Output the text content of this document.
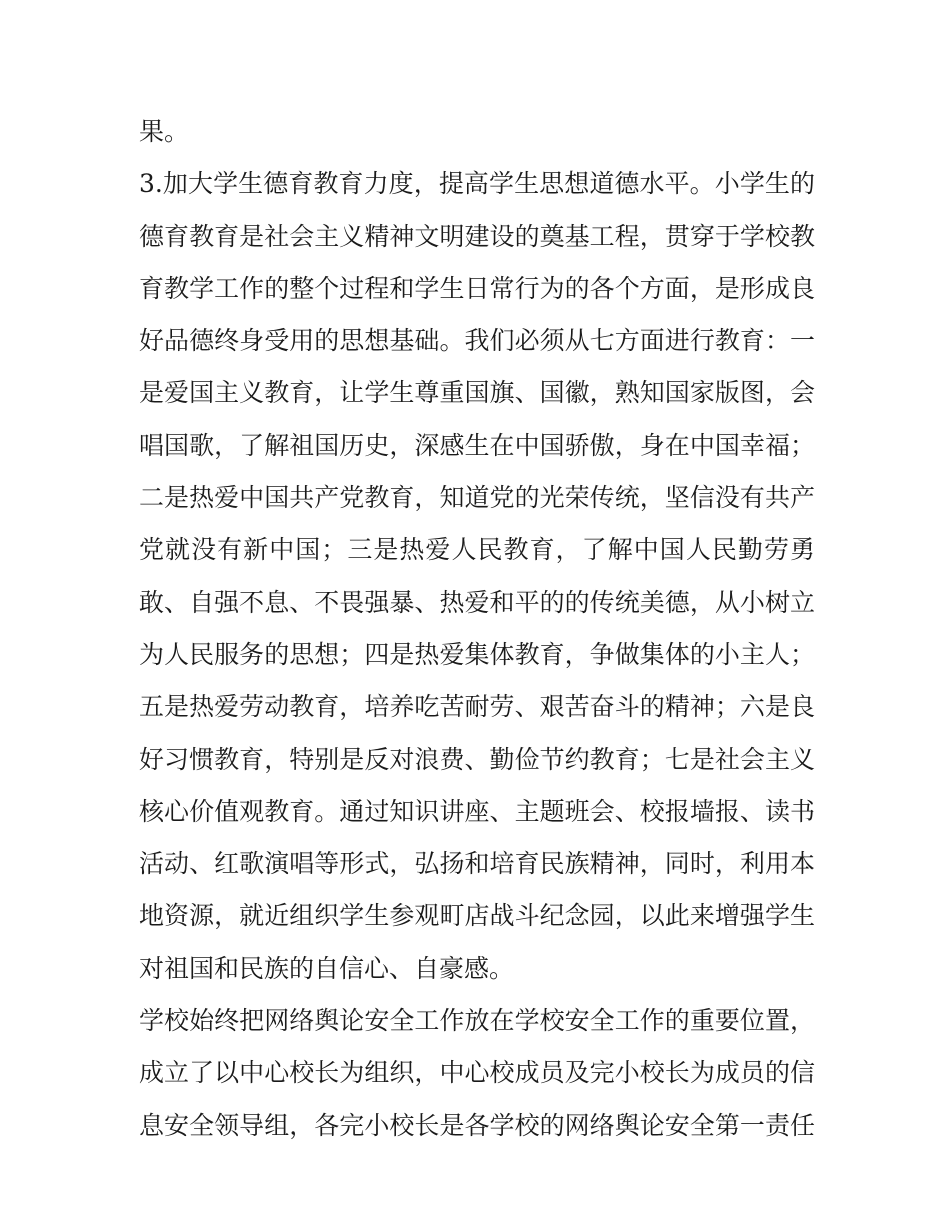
果。
3.加大学生德育教育力度，提高学生思想道德水平。小学生的
德育教育是社会主义精神文明建设的奠基工程，贯穿于学校教
育教学工作的整个过程和学生日常行为的各个方面，是形成良
好品德终身受用的思想基础。我们必须从七方面进行教育：一
是爱国主义教育，让学生尊重国旗、国徽，熟知国家版图，会
唱国歌，了解祖国历史，深感生在中国骄傲，身在中国幸福；
二是热爱中国共产党教育，知道党的光荣传统，坚信没有共产
党就没有新中国；三是热爱人民教育，了解中国人民勤劳勇
敢、自强不息、不畏强暴、热爱和平的的传统美德，从小树立
为人民服务的思想；四是热爱集体教育，争做集体的小主人；
五是热爱劳动教育，培养吃苦耐劳、艰苦奋斗的精神；六是良
好习惯教育，特别是反对浪费、勤俭节约教育；七是社会主义
核心价值观教育。通过知识讲座、主题班会、校报墙报、读书
活动、红歌演唱等形式，弘扬和培育民族精神，同时，利用本
地资源，就近组织学生参观町店战斗纪念园，以此来增强学生
对祖国和民族的自信心、自豪感。
学校始终把网络舆论安全工作放在学校安全工作的重要位置，
成立了以中心校长为组织，中心校成员及完小校长为成员的信
息安全领导组，各完小校长是各学校的网络舆论安全第一责任
